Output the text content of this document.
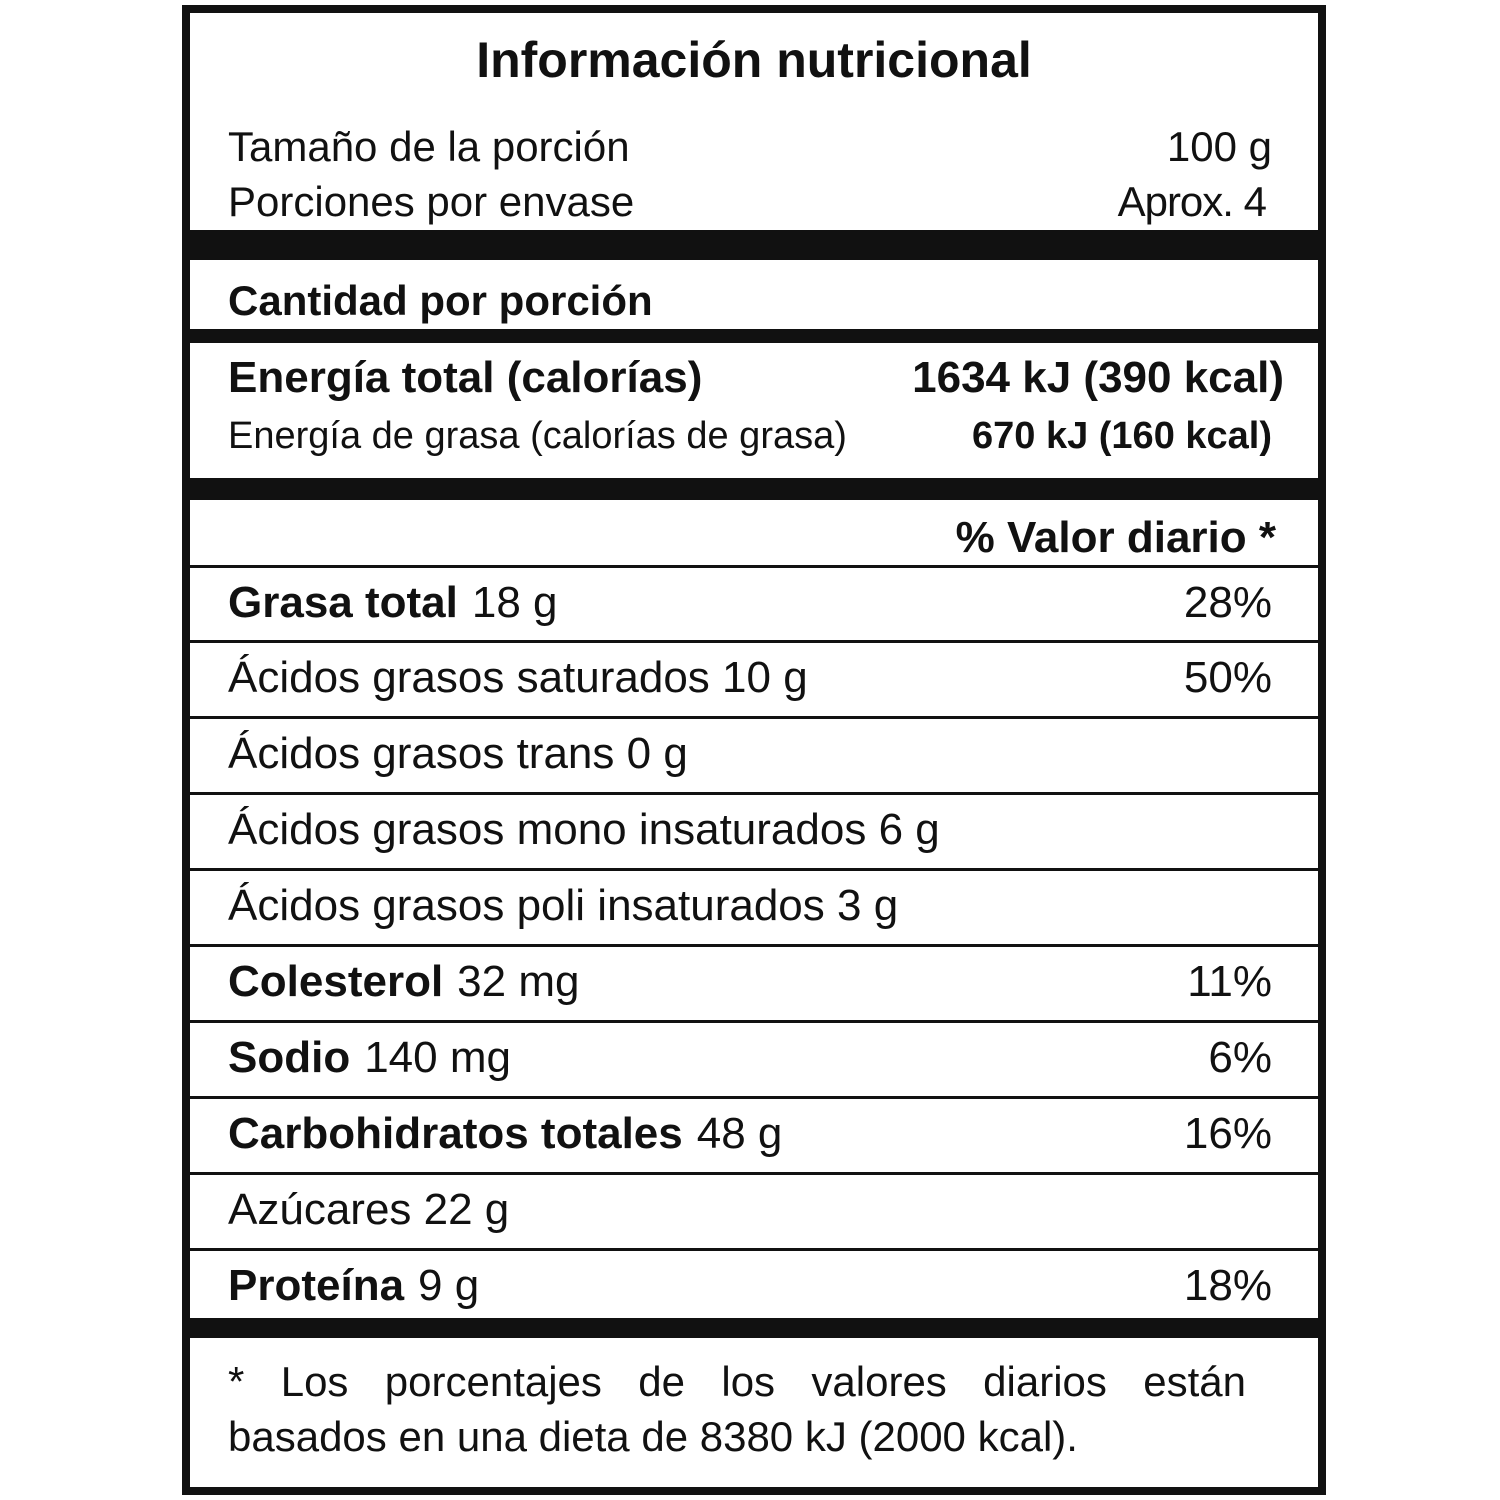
Información nutricional
Tamaño de la porción	100 g
Porciones por envase	Aprox. 4
Cantidad por porción
Energía total (calorías)	1634 kJ (390 kcal)
Energía de grasa (calorías de grasa)	670 kJ (160 kcal)
% Valor diario *
Grasa total 18 g	28%
Ácidos grasos saturados 10 g	50%
Ácidos grasos trans 0 g
Ácidos grasos mono insaturados 6 g
Ácidos grasos poli insaturados 3 g
Colesterol 32 mg	11%
Sodio 140 mg	6%
Carbohidratos totales 48 g	16%
Azúcares 22 g
Proteína 9 g	18%
* Los porcentajes de los valores diarios están
basados en una dieta de 8380 kJ (2000 kcal).
